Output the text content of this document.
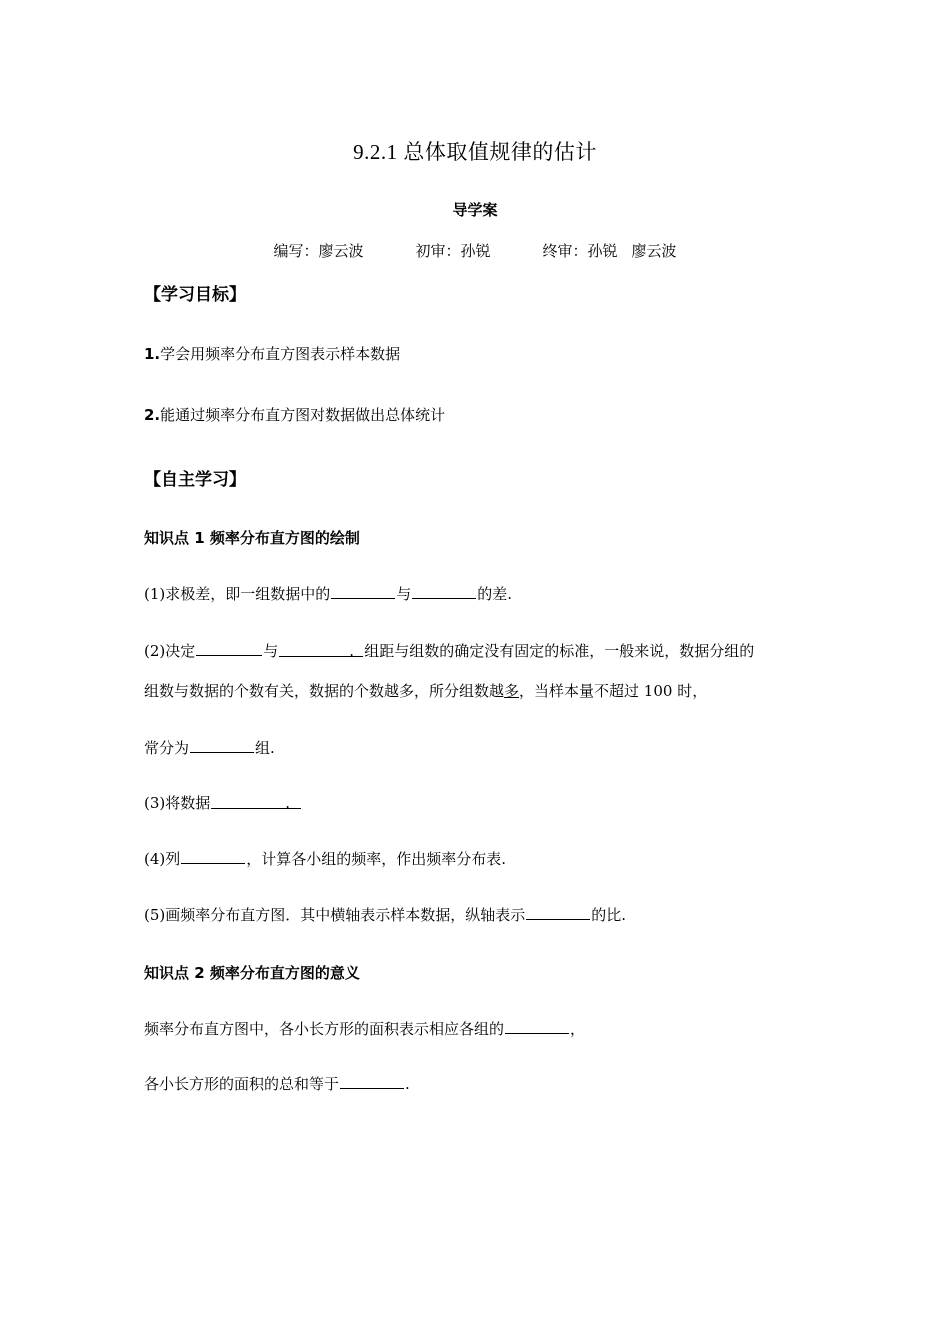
9.2.1 总体取值规律的估计
导学案
编写：廖云波	初审：孙锐	终审：孙锐 廖云波
【学习目标】
1.学会用频率分布直方图表示样本数据
2.能通过频率分布直方图对数据做出总体统计
【自主学习】
知识点 1 频率分布直方图的绘制
(1)求极差，即一组数据中的	与	的差.
(2)决定	与	. 组距与组数的确定没有固定的标准，一般来说，数据分组的
组数与数据的个数有关，数据的个数越多，所分组数越多，当样本量不超过 100 时，
常分为	组.
(3)将数据	.
(4)列	，计算各小组的频率，作出频率分布表.
(5)画频率分布直方图．其中横轴表示样本数据，纵轴表示	的比.
知识点 2 频率分布直方图的意义
频率分布直方图中，各小长方形的面积表示相应各组的	，
各小长方形的面积的总和等于	.
